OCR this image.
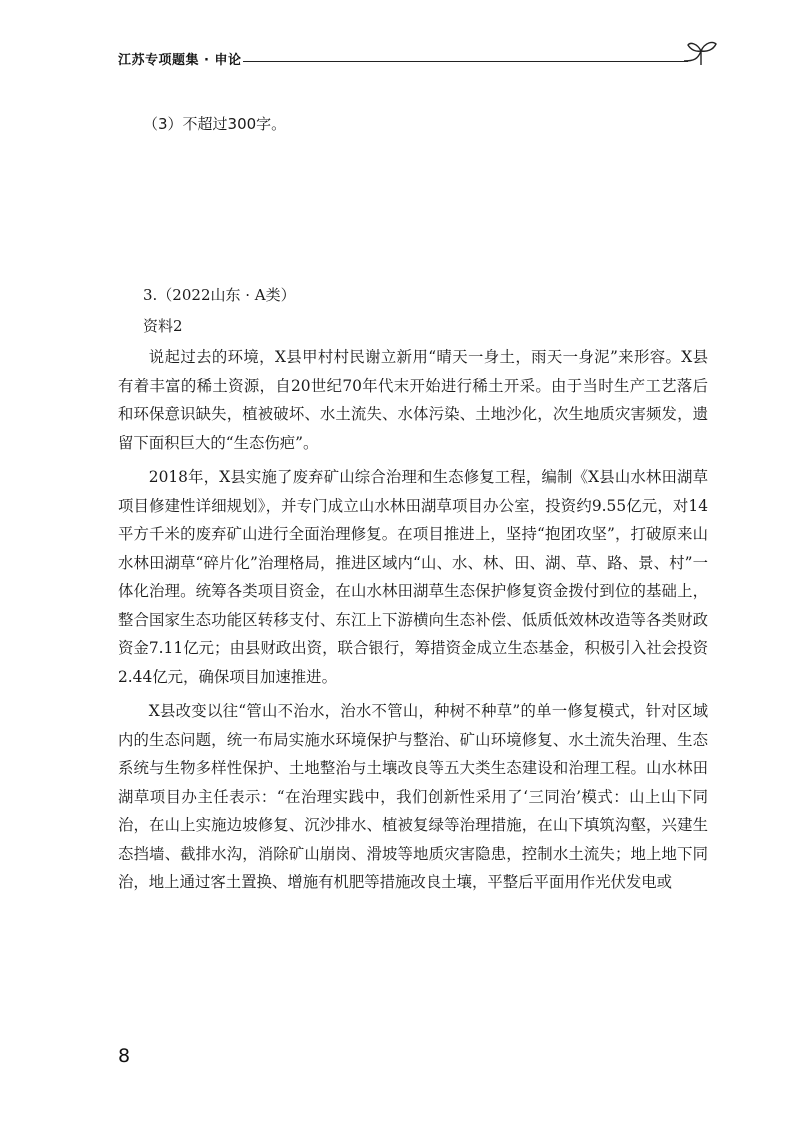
江苏专项题集 · 申论
（3）不超过300字。
3.（2022山东 · A类）
资料2

说起过去的环境，X县甲村村民谢立新用“晴天一身土，雨天一身泥”来形容。X县有着丰富的稀土资源，自20世纪70年代末开始进行稀土开采。由于当时生产工艺落后和环保意识缺失，植被破坏、水土流失、水体污染、土地沙化，次生地质灾害频发，遗留下面积巨大的“生态伤疤”。

2018年，X县实施了废弃矿山综合治理和生态修复工程，编制《X县山水林田湖草项目修建性详细规划》，并专门成立山水林田湖草项目办公室，投资约9.55亿元，对14平方千米的废弃矿山进行全面治理修复。在项目推进上，坚持“抱团攻坚”，打破原来山水林田湖草“碎片化”治理格局，推进区域内“山、水、林、田、湖、草、路、景、村”一体化治理。统筹各类项目资金，在山水林田湖草生态保护修复资金拨付到位的基础上，整合国家生态功能区转移支付、东江上下游横向生态补偿、低质低效林改造等各类财政资金7.11亿元；由县财政出资，联合银行，筹措资金成立生态基金，积极引入社会投资2.44亿元，确保项目加速推进。

X县改变以往“管山不治水，治水不管山，种树不种草”的单一修复模式，针对区域内的生态问题，统一布局实施水环境保护与整治、矿山环境修复、水土流失治理、生态系统与生物多样性保护、土地整治与土壤改良等五大类生态建设和治理工程。山水林田湖草项目办主任表示：“在治理实践中，我们创新性采用了‘三同治’模式：山上山下同治，在山上实施边坡修复、沉沙排水、植被复绿等治理措施，在山下填筑沟壑，兴建生态挡墙、截排水沟，消除矿山崩岗、滑坡等地质灾害隐患，控制水土流失；地上地下同治，地上通过客土置换、增施有机肥等措施改良土壤，平整后平面用作光伏发电或

8
